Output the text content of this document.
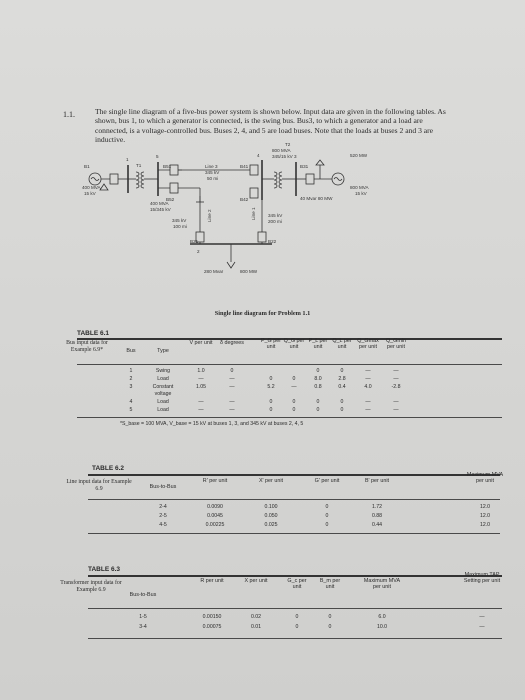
1.1.	The single line diagram of a five-bus power system is shown below. Input data are given in the following tables. As shown, bus 1, to which a generator is connected, is the swing bus. Bus3, to which a generator and a load are connected, is a voltage-controlled bus. Buses 2, 4, and 5 are load buses. Note that the loads at buses 2 and 3 are inductive.
B1
1
5	4	3
T1	B51
B52
B41
B42
B31
Line 3
345 kV
50 mi
T2
800 MVA
345/15 kV
400 MVA
15 kV
400 MVA
15/345 kV
345 kV
100 mi
345 kV
200 mi
Line 2	Line 1
B21	B22
2
520 MW
800 MVA
15 kV
40 Mvar 80 MW
280 Mvar	800 MW
Single line diagram for Problem 1.1
TABLE 6.1
Bus input data for Example 6.9*	Bus	Type
V per unit	δ degrees	P_G per unit
Q_G per unit
P_L per unit
Q_L per unit
Q_Gmax per unit
Q_Gmin per unit
1	Swing	1.0	0	0	0	—	—
2	Load	—	—	0	0	8.0	2.8	—	—
3	Constant
voltage
1.05	—	5.2	—	0.8	0.4	4.0	-2.8
4	Load	—	—	0	0	0	0	—	—
5	Load	—	—	0	0	0	0	—	—
*S_base = 100 MVA, V_base = 15 kV at buses 1, 3, and 345 kV at buses 2, 4, 5
TABLE 6.2
Line input data for Example 6.9	Bus-to-Bus
R' per unit	X' per unit	G' per unit	B' per unit
Maximum MVA per unit
2-4	0.0090	0.100	0	1.72	12.0
2-5	0.0045	0.050	0	0.88	12.0
4-5	0.00225	0.025	0	0.44	12.0
TABLE 6.3
Transformer input data for Example 6.9
Bus-to-Bus
R per unit	X per unit	G_c per unit
B_m per unit
Maximum MVA per unit
Maximum TAP Setting per unit
1-5	0.00150	0.02	0	0	6.0	—
3-4	0.00075	0.01	0	0	10.0	—
